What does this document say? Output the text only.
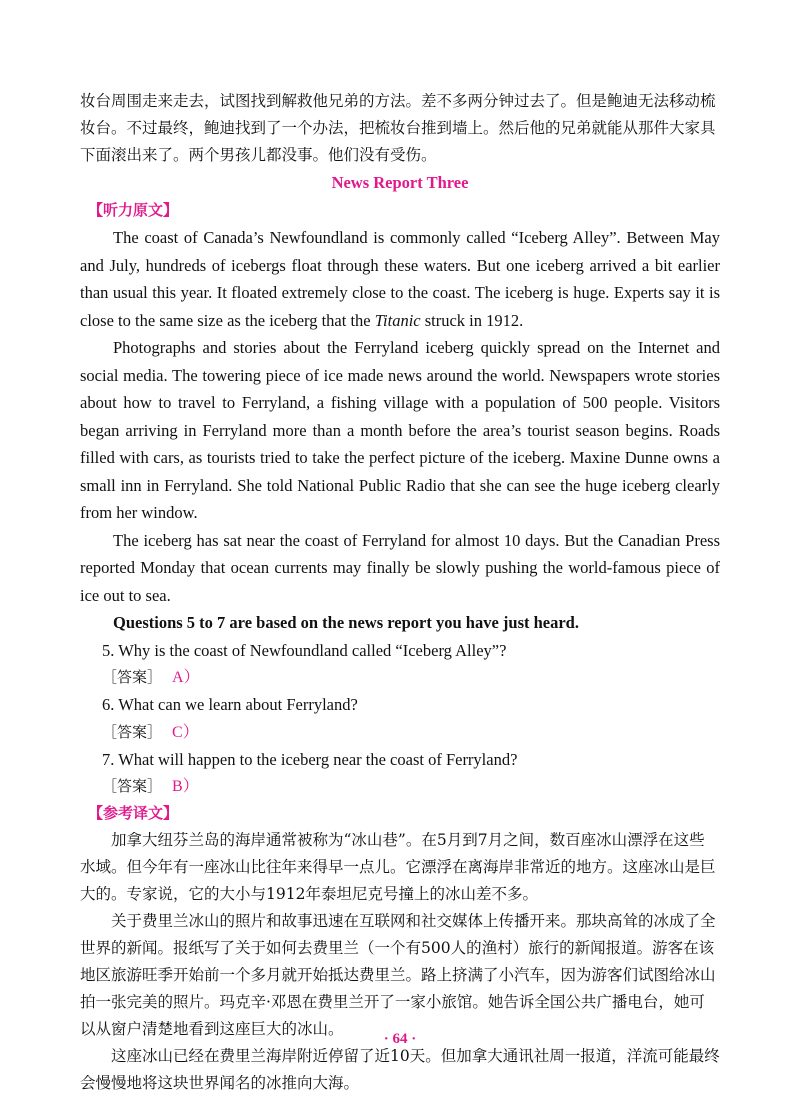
妆台周围走来走去，试图找到解救他兄弟的方法。差不多两分钟过去了。但是鲍迪无法移动梳妆台。不过最终，鲍迪找到了一个办法，把梳妆台推到墙上。然后他的兄弟就能从那件大家具下面滚出来了。两个男孩儿都没事。他们没有受伤。

News Report Three

【听力原文】

The coast of Canada’s Newfoundland is commonly called “Iceberg Alley”. Between May and July, hundreds of icebergs float through these waters. But one iceberg arrived a bit earlier than usual this year. It floated extremely close to the coast. The iceberg is huge. Experts say it is close to the same size as the iceberg that the Titanic struck in 1912.

Photographs and stories about the Ferryland iceberg quickly spread on the Internet and social media. The towering piece of ice made news around the world. Newspapers wrote stories about how to travel to Ferryland, a fishing village with a population of 500 people. Visitors began arriving in Ferryland more than a month before the area’s tourist season begins. Roads filled with cars, as tourists tried to take the perfect picture of the iceberg. Maxine Dunne owns a small inn in Ferryland. She told National Public Radio that she can see the huge iceberg clearly from her window.

The iceberg has sat near the coast of Ferryland for almost 10 days. But the Canadian Press reported Monday that ocean currents may finally be slowly pushing the world-famous piece of ice out to sea.

Questions 5 to 7 are based on the news report you have just heard.

5. Why is the coast of Newfoundland called “Iceberg Alley”?

［答案］ A）

6. What can we learn about Ferryland?

［答案］ C）

7. What will happen to the iceberg near the coast of Ferryland?

［答案］ B）

【参考译文】

加拿大纽芬兰岛的海岸通常被称为“冰山巷”。在5月到7月之间，数百座冰山漂浮在这些水域。但今年有一座冰山比往年来得早一点儿。它漂浮在离海岸非常近的地方。这座冰山是巨大的。专家说，它的大小与1912年泰坦尼克号撞上的冰山差不多。

关于费里兰冰山的照片和故事迅速在互联网和社交媒体上传播开来。那块高耸的冰成了全世界的新闻。报纸写了关于如何去费里兰（一个有500人的渔村）旅行的新闻报道。游客在该地区旅游旺季开始前一个多月就开始抵达费里兰。路上挤满了小汽车，因为游客们试图给冰山拍一张完美的照片。玛克辛·邓恩在费里兰开了一家小旅馆。她告诉全国公共广播电台，她可以从窗户清楚地看到这座巨大的冰山。

这座冰山已经在费里兰海岸附近停留了近10天。但加拿大通讯社周一报道，洋流可能最终会慢慢地将这块世界闻名的冰推向大海。

· 64 ·
